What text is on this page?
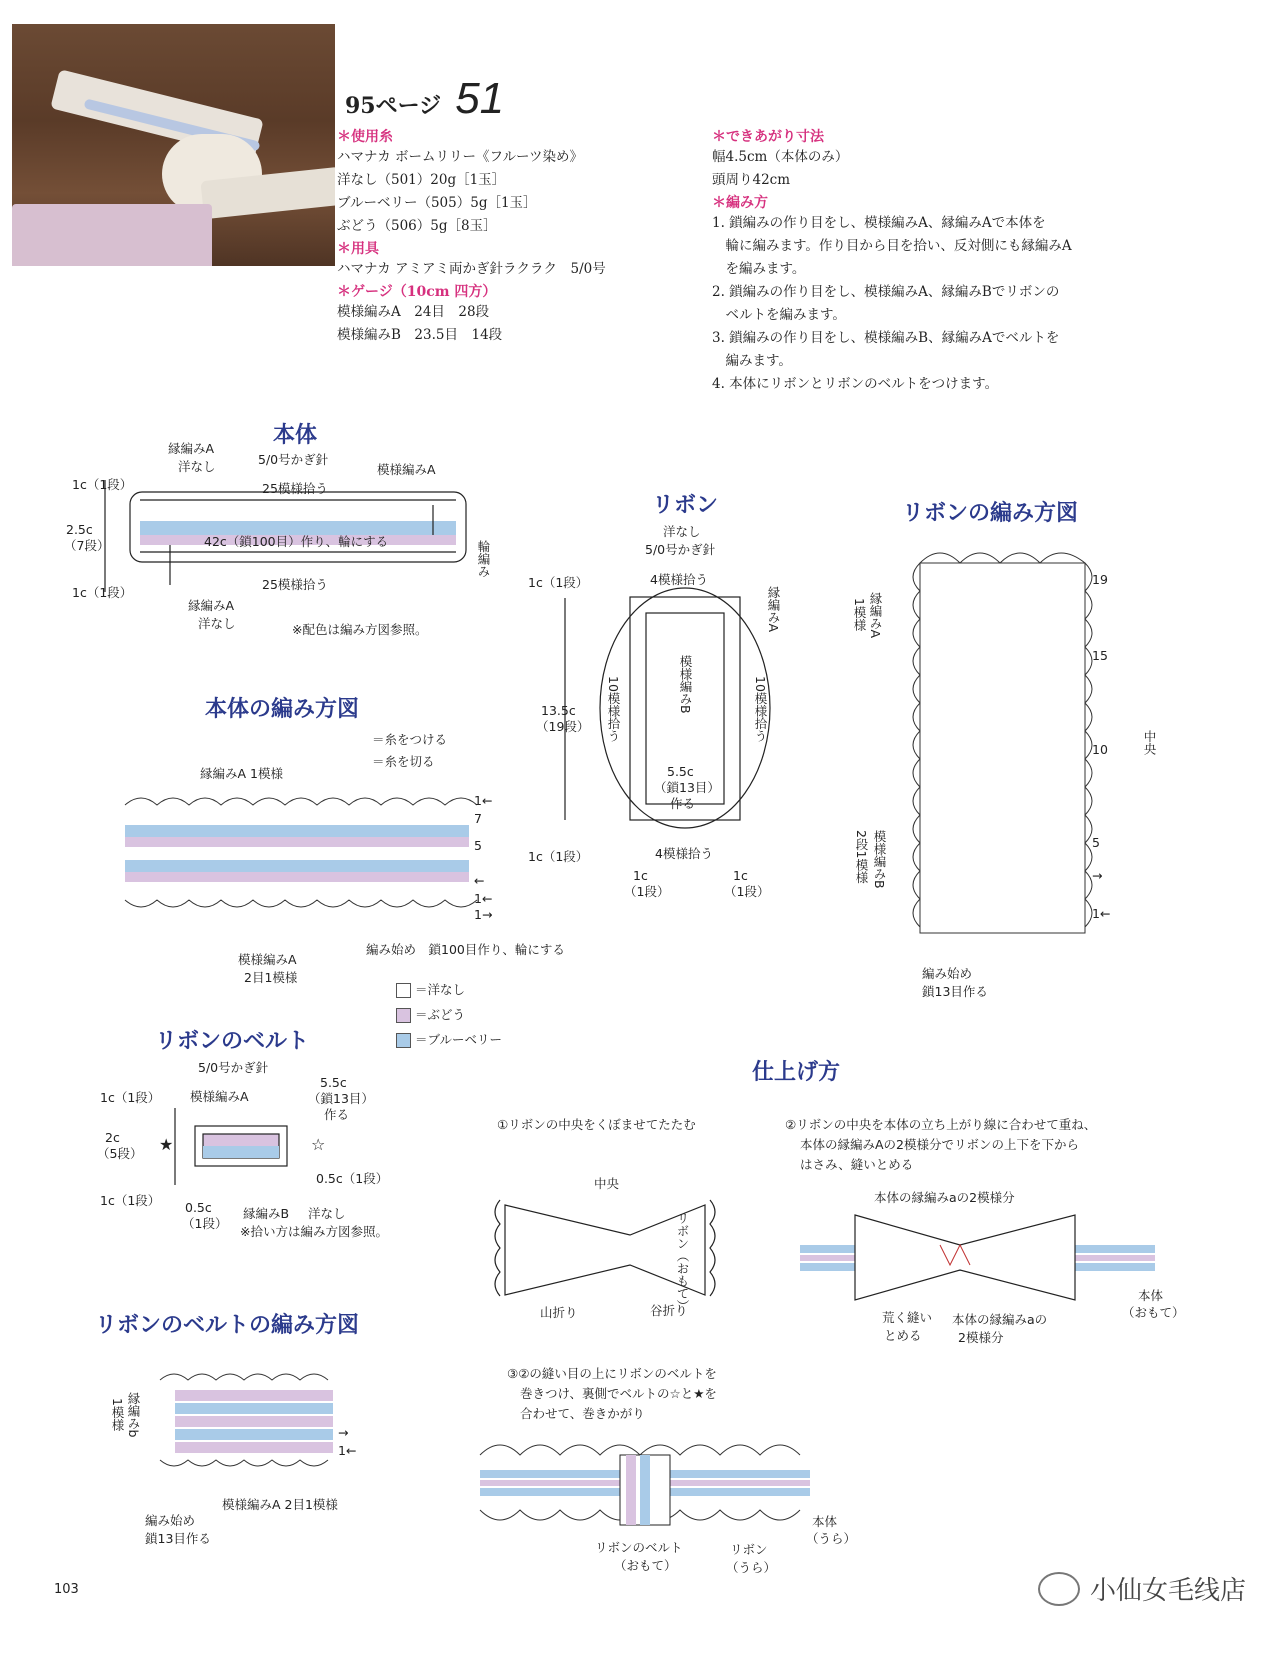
95ページ 51
＊使用糸
ハマナカ ボームリリー《フルーツ染め》
洋なし（501）20g［1玉］
ブルーベリー（505）5g［1玉］
ぶどう（506）5g［8玉］
＊用具
ハマナカ アミアミ両かぎ針ラクラク　5/0号
＊ゲージ（10cm 四方）
模様編みA　24目　28段
模様編みB　23.5目　14段
＊できあがり寸法
幅4.5cm（本体のみ）
頭周り42cm
＊編み方
1. 鎖編みの作り目をし、模様編みA、縁編みAで本体を
　輪に編みます。作り目から目を拾い、反対側にも縁編みA
　を編みます。
2. 鎖編みの作り目をし、模様編みA、縁編みBでリボンの
　ベルトを編みます。
3. 鎖編みの作り目をし、模様編みB、縁編みAでベルトを
　編みます。
4. 本体にリボンとリボンのベルトをつけます。
本体
5/0号かぎ針
縁編みA
洋なし	模様編みA
25模様拾う
1c（1段）
2.5c
（7段）	42c（鎖100目）作り、輪にする
25模様拾う
1c（1段）
縁編みA
洋なし
輪編み
※配色は編み方図参照。
本体の編み方図
＝糸をつける
＝糸を切る
縁編みA 1模様
1←
7
5
←
1←
1→
模様編みA
2目1模様
編み始め　鎖100目作り、輪にする
＝洋なし
＝ぶどう
＝ブルーベリー
リボン
洋なし
5/0号かぎ針
4模様拾う
縁編みA
模様編みB
10模様拾う	10模様拾う
5.5c
（鎖13目）
作る
4模様拾う
1c（1段）
13.5c
（19段）
1c（1段）
1c
（1段）
1c
（1段）
リボンの編み方図
縁編みA
1模様
19
15
10	中央
5
模様編みB
2段1模様	→
1←
編み始め
鎖13目作る
リボンのベルト
5/0号かぎ針
模様編みA
5.5c
（鎖13目）
作る
1c（1段）
2c
（5段）
1c（1段）
★	☆
0.5c（1段）
0.5c
（1段）
縁編みB 洋なし
※拾い方は編み方図参照。
リボンのベルトの編み方図
縁編みb
1模様
→
1←
編み始め
鎖13目作る
模様編みA 2目1模様
仕上げ方
①リボンの中央をくぼませてたたむ
中央
リボン（おもて）
山折り	谷折り
②リボンの中央を本体の立ち上がり線に合わせて重ね、
本体の縁編みAの2模様分でリボンの上下を下から
はさみ、縫いとめる
本体の縁編みaの2模様分
本体
（おもて）
荒く縫い
とめる
本体の縁編みaの
2模様分
③②の縫い目の上にリボンのベルトを
巻きつけ、裏側でベルトの☆と★を
合わせて、巻きかがり
リボンのベルト
（おもて）
リボン
（うら）
本体
（うら）
103	小仙女毛线店
